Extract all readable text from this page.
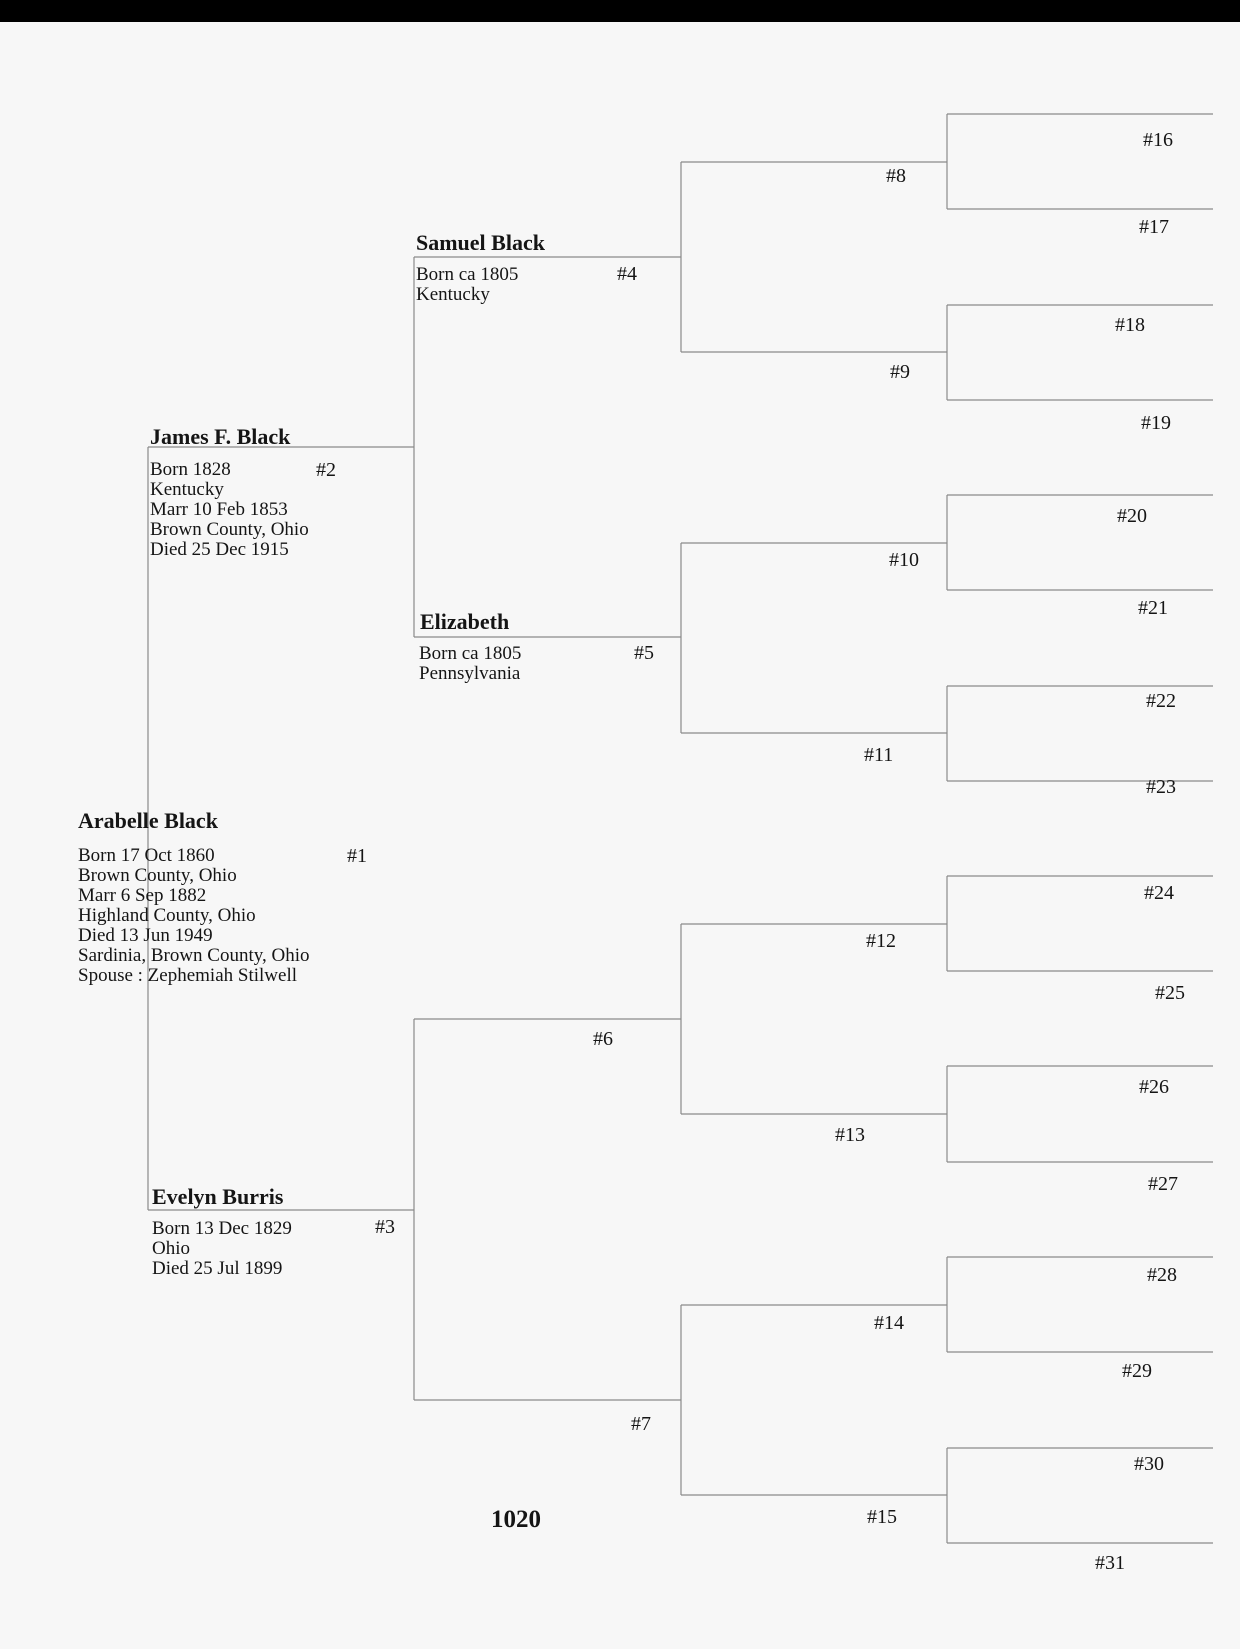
Arabelle Black
Born 17 Oct 1860
Brown County, Ohio
Marr 6 Sep 1882
Highland County, Ohio
Died 13 Jun 1949
Sardinia, Brown County, Ohio
Spouse : Zephemiah Stilwell
#1
James F. Black
Born 1828
Kentucky
Marr 10 Feb 1853
Brown County, Ohio
Died 25 Dec 1915
#2
Evelyn Burris
Born 13 Dec 1829
Ohio
Died 25 Jul 1899
#3
Samuel Black
Born ca 1805
Kentucky
#4
Elizabeth
Born ca 1805
Pennsylvania
#5
#6
#7
#8
#9
#10
#11
#12
#13
#14
#15
#16
#17
#18
#19
#20
#21
#22
#23
#24
#25
#26
#27
#28
#29
#30
#31
1020
